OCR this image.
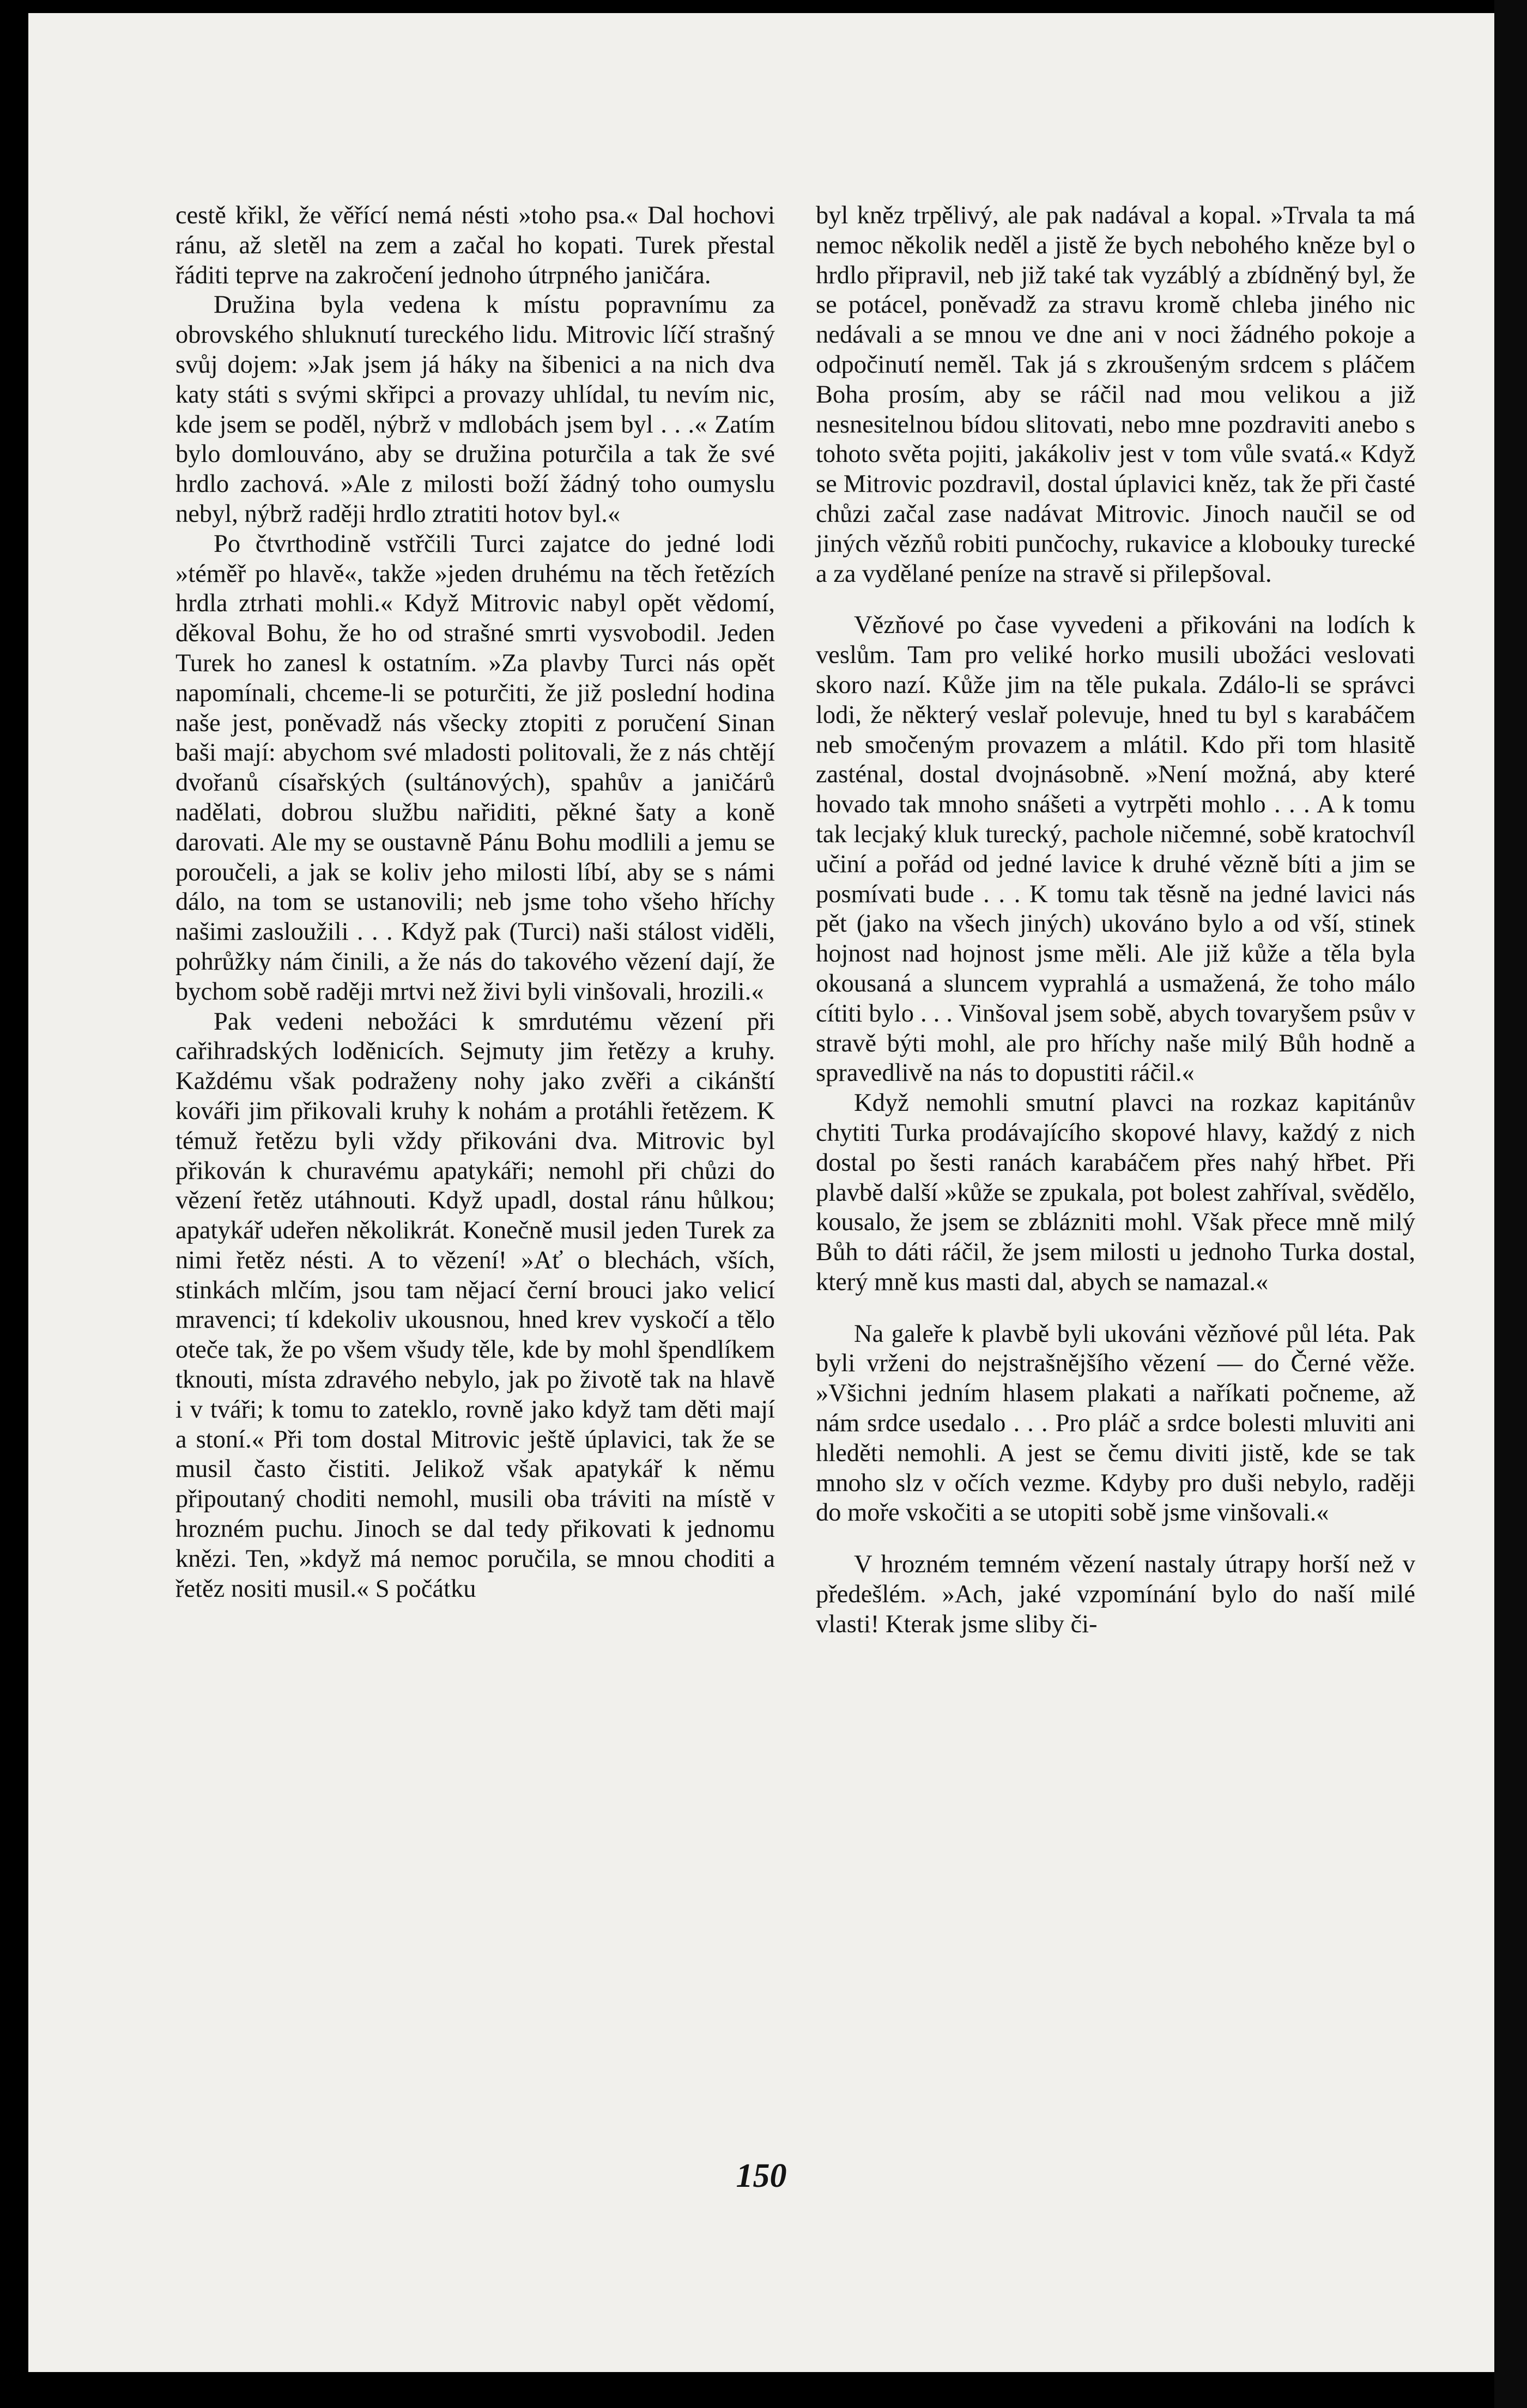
cestě křikl, že věřící nemá nésti »toho psa.« Dal hochovi ránu, až sletěl na zem a začal ho kopati. Turek přestal řáditi teprve na zakročení jednoho útrpného janičára.

Družina byla vedena k místu popravnímu za obrovského shluknutí tureckého lidu. Mitrovic líčí strašný svůj dojem: »Jak jsem já háky na šibenici a na nich dva katy státi s svými skřipci a provazy uhlídal, tu nevím nic, kde jsem se poděl, nýbrž v mdlobách jsem byl . . .« Zatím bylo domlouváno, aby se družina poturčila a tak že své hrdlo zachová. »Ale z milosti boží žádný toho oumyslu nebyl, nýbrž raději hrdlo ztratiti hotov byl.«

Po čtvrthodině vstřčili Turci zajatce do jedné lodi »téměř po hlavě«, takže »jeden druhému na těch řetězích hrdla ztrhati mohli.« Když Mitrovic nabyl opět vědomí, děkoval Bohu, že ho od strašné smrti vysvobodil. Jeden Turek ho zanesl k ostatním. »Za plavby Turci nás opět napomínali, chceme-li se poturčiti, že již poslední hodina naše jest, poněvadž nás všecky ztopiti z poručení Sinan baši mají: abychom své mladosti politovali, že z nás chtějí dvořanů císařských (sultánových), spahův a janičárů nadělati, dobrou službu nařiditi, pěkné šaty a koně darovati. Ale my se oustavně Pánu Bohu modlili a jemu se poroučeli, a jak se koliv jeho milosti líbí, aby se s námi dálo, na tom se ustanovili; neb jsme toho všeho hříchy našimi zasloužili . . . Když pak (Turci) naši stálost viděli, pohrůžky nám činili, a že nás do takového vězení dají, že bychom sobě raději mrtvi než živi byli vinšovali, hrozili.«

Pak vedeni nebožáci k smrdutému vězení při cařihradských loděnicích. Sejmuty jim řetězy a kruhy. Každému však podraženy nohy jako zvěři a cikánští kováři jim přikovali kruhy k nohám a protáhli řetězem. K témuž řetězu byli vždy přikováni dva. Mitrovic byl přikován k churavému apatykáři; nemohl při chůzi do vězení řetěz utáhnouti. Když upadl, dostal ránu hůlkou; apatykář udeřen několikrát. Konečně musil jeden Turek za nimi řetěz nésti. A to vězení! »Ať o blechách, vších, stinkách mlčím, jsou tam nějací černí brouci jako velicí mravenci; tí kdekoliv ukousnou, hned krev vyskočí a tělo oteče tak, že po všem všudy těle, kde by mohl špendlíkem tknouti, místa zdravého nebylo, jak po životě tak na hlavě i v tváři; k tomu to zateklo, rovně jako když tam děti mají a stoní.« Při tom dostal Mitrovic ještě úplavici, tak že se musil často čistiti. Jelikož však apatykář k němu připoutaný choditi nemohl, musili oba tráviti na místě v hrozném puchu. Jinoch se dal tedy přikovati k jednomu knězi. Ten, »když má nemoc poručila, se mnou choditi a řetěz nositi musil.« S počátku

byl kněz trpělivý, ale pak nadával a kopal. »Trvala ta má nemoc několik neděl a jistě že bych nebohého kněze byl o hrdlo připravil, neb již také tak vyzáblý a zbídněný byl, že se potácel, poněvadž za stravu kromě chleba jiného nic nedávali a se mnou ve dne ani v noci žádného pokoje a odpočinutí neměl. Tak já s zkroušeným srdcem s pláčem Boha prosím, aby se ráčil nad mou velikou a již nesnesitelnou bídou slitovati, nebo mne pozdraviti anebo s tohoto světa pojiti, jakákoliv jest v tom vůle svatá.« Když se Mitrovic pozdravil, dostal úplavici kněz, tak že při časté chůzi začal zase nadávat Mitrovic. Jinoch naučil se od jiných vězňů robiti punčochy, rukavice a klobouky turecké a za vydělané peníze na stravě si přilepšoval.

Vězňové po čase vyvedeni a přikováni na lodích k veslům. Tam pro veliké horko musili ubožáci veslovati skoro nazí. Kůže jim na těle pukala. Zdálo-li se správci lodi, že některý veslař polevuje, hned tu byl s karabáčem neb smočeným provazem a mlátil. Kdo při tom hlasitě zasténal, dostal dvojnásobně. »Není možná, aby které hovado tak mnoho snášeti a vytrpěti mohlo . . . A k tomu tak lecjaký kluk turecký, pachole ničemné, sobě kratochvíl učiní a pořád od jedné lavice k druhé vězně bíti a jim se posmívati bude . . . K tomu tak těsně na jedné lavici nás pět (jako na všech jiných) ukováno bylo a od vší, stinek hojnost nad hojnost jsme měli. Ale již kůže a těla byla okousaná a sluncem vyprahlá a usmažená, že toho málo cítiti bylo . . . Vinšoval jsem sobě, abych tovaryšem psův v stravě býti mohl, ale pro hříchy naše milý Bůh hodně a spravedlivě na nás to dopustiti ráčil.«

Když nemohli smutní plavci na rozkaz kapitánův chytiti Turka prodávajícího skopové hlavy, každý z nich dostal po šesti ranách karabáčem přes nahý hřbet. Při plavbě další »kůže se zpukala, pot bolest zahříval, svědělo, kousalo, že jsem se zblázniti mohl. Však přece mně milý Bůh to dáti ráčil, že jsem milosti u jednoho Turka dostal, který mně kus masti dal, abych se namazal.«

Na galeře k plavbě byli ukováni vězňové půl léta. Pak byli vrženi do nejstrašnějšího vězení — do Černé věže. »Všichni jedním hlasem plakati a naříkati počneme, až nám srdce usedalo . . . Pro pláč a srdce bolesti mluviti ani hleděti nemohli. A jest se čemu diviti jistě, kde se tak mnoho slz v očích vezme. Kdyby pro duši nebylo, raději do moře vskočiti a se utopiti sobě jsme vinšovali.«

V hrozném temném vězení nastaly útrapy horší než v předešlém. »Ach, jaké vzpomínání bylo do naší milé vlasti! Kterak jsme sliby či-

150
